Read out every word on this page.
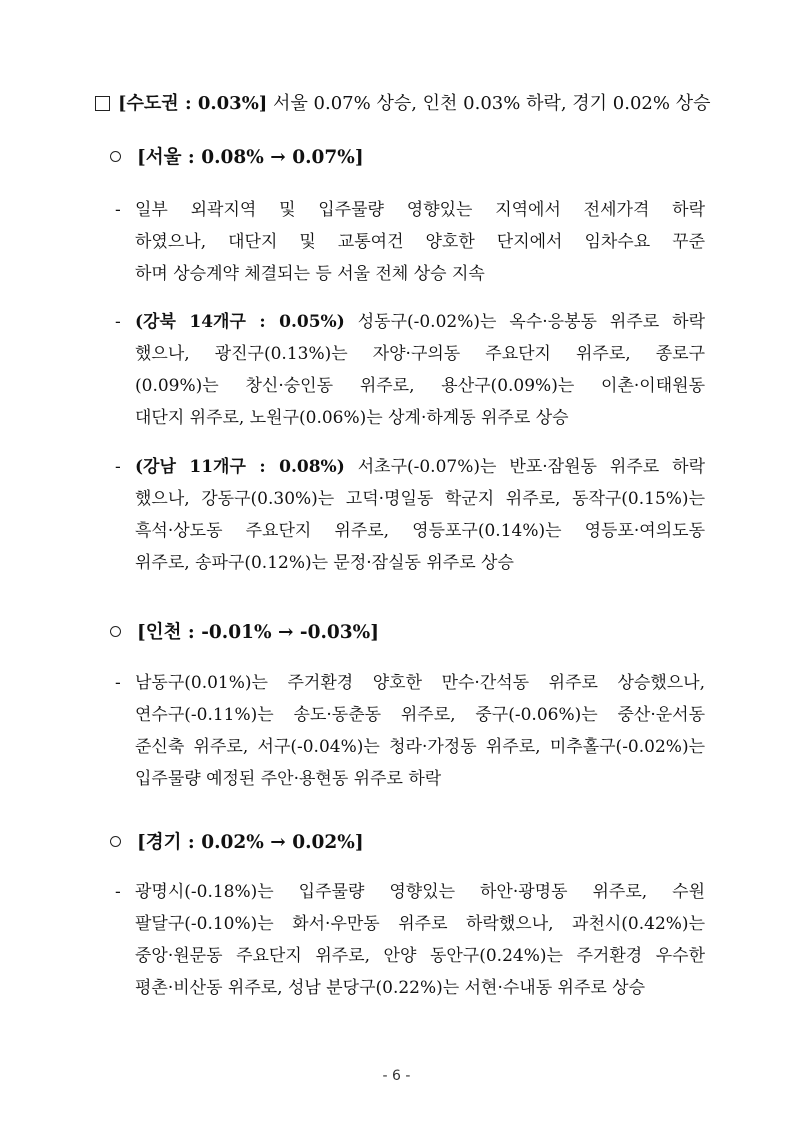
[수도권 : 0.03%] 서울 0.07% 상승, 인천 0.03% 하락, 경기 0.02% 상승
[서울 : 0.08% → 0.07%]
- 일부 외곽지역 및 입주물량 영향있는 지역에서 전세가격 하락
하였으나, 대단지 및 교통여건 양호한 단지에서 임차수요 꾸준
하며 상승계약 체결되는 등 서울 전체 상승 지속
- (강북 14개구 : 0.05%) 성동구(-0.02%)는 옥수·응봉동 위주로 하락
했으나, 광진구(0.13%)는 자양·구의동 주요단지 위주로, 종로구
(0.09%)는 창신·숭인동 위주로, 용산구(0.09%)는 이촌·이태원동
대단지 위주로, 노원구(0.06%)는 상계·하계동 위주로 상승
- (강남 11개구 : 0.08%) 서초구(-0.07%)는 반포·잠원동 위주로 하락
했으나, 강동구(0.30%)는 고덕·명일동 학군지 위주로, 동작구(0.15%)는
흑석·상도동 주요단지 위주로, 영등포구(0.14%)는 영등포·여의도동
위주로, 송파구(0.12%)는 문정·잠실동 위주로 상승
[인천 : -0.01% → -0.03%]
- 남동구(0.01%)는 주거환경 양호한 만수·간석동 위주로 상승했으나,
연수구(-0.11%)는 송도·동춘동 위주로, 중구(-0.06%)는 중산·운서동
준신축 위주로, 서구(-0.04%)는 청라·가정동 위주로, 미추홀구(-0.02%)는
입주물량 예정된 주안·용현동 위주로 하락
[경기 : 0.02% → 0.02%]
- 광명시(-0.18%)는 입주물량 영향있는 하안·광명동 위주로, 수원
팔달구(-0.10%)는 화서·우만동 위주로 하락했으나, 과천시(0.42%)는
중앙·원문동 주요단지 위주로, 안양 동안구(0.24%)는 주거환경 우수한
평촌·비산동 위주로, 성남 분당구(0.22%)는 서현·수내동 위주로 상승
- 6 -
